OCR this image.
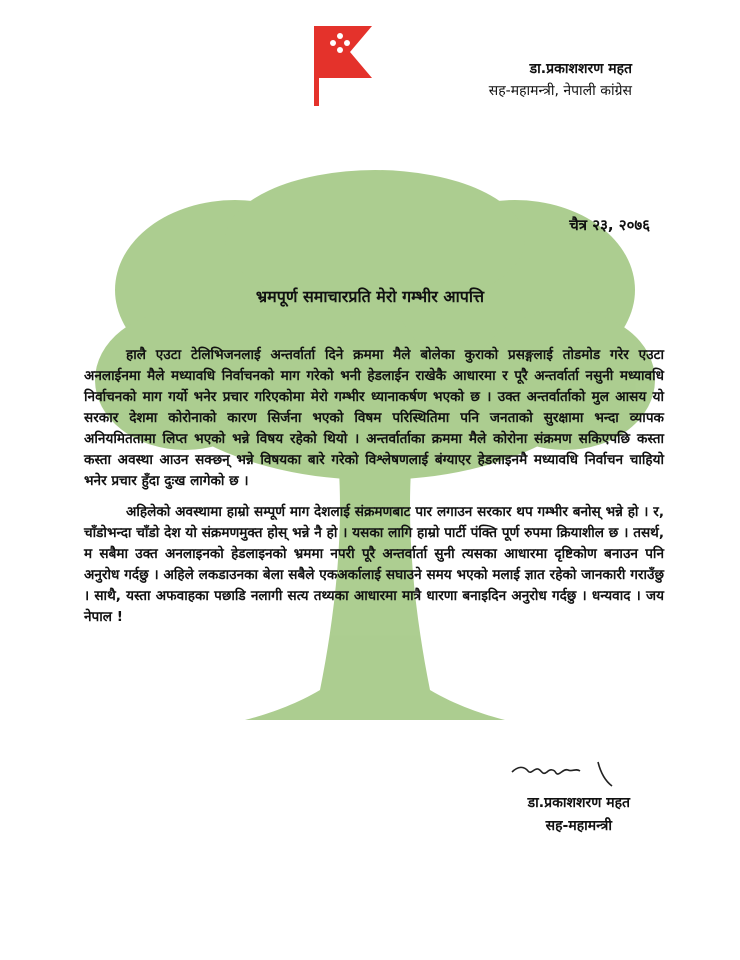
डा.प्रकाशशरण महत
सह-महामन्त्री, नेपाली कांग्रेस
चैत्र २३, २०७६
भ्रमपूर्ण समाचारप्रति मेरो गम्भीर आपत्ति

हालै एउटा टेलिभिजनलाई अन्तर्वार्ता दिने क्रममा मैले बोलेका कुराको प्रसङ्गलाई तोडमोड गरेर एउटा अनलाईनमा मैले मध्यावधि निर्वाचनको माग गरेको भनी हेडलाईन राखेकै आधारमा र पूरै अन्तर्वार्ता नसुनी मध्यावधि निर्वाचनको माग गर्यो भनेर प्रचार गरिएकोमा मेरो गम्भीर ध्यानाकर्षण भएको छ । उक्त अन्तर्वार्ताको मुल आसय यो सरकार देशमा कोरोनाको कारण सिर्जना भएको विषम परिस्थितिमा पनि जनताको सुरक्षामा भन्दा व्यापक अनियमिततामा लिप्त भएको भन्ने विषय रहेको थियो । अन्तर्वार्ताका क्रममा मैले कोरोना संक्रमण सकिएपछि कस्ता कस्ता अवस्था आउन सक्छन् भन्ने विषयका बारे गरेको विश्लेषणलाई बंग्याएर हेडलाइनमै मध्यावधि निर्वाचन चाहियो भनेर प्रचार हुँदा दुःख लागेको छ ।

अहिलेको अवस्थामा हाम्रो सम्पूर्ण माग देशलाई संक्रमणबाट पार लगाउन सरकार थप गम्भीर बनोस् भन्ने हो । र, चाँडोभन्दा चाँडो देश यो संक्रमणमुक्त होस् भन्ने नै हो । यसका लागि हाम्रो पार्टी पंक्ति पूर्ण रुपमा क्रियाशील छ । तसर्थ, म सबैमा उक्त अनलाइनको हेडलाइनको भ्रममा नपरी पूरै अन्तर्वार्ता सुनी त्यसका आधारमा दृष्टिकोण बनाउन पनि अनुरोध गर्दछु । अहिले लकडाउनका बेला सबैले एकअर्कालाई सघाउने समय भएको मलाई ज्ञात रहेको जानकारी गराउँछु । साथै, यस्ता अफवाहका पछाडि नलागी सत्य तथ्यका आधारमा मात्रै धारणा बनाइदिन अनुरोध गर्दछु । धन्यवाद । जय नेपाल !

डा.प्रकाशशरण महत
सह-महामन्त्री
